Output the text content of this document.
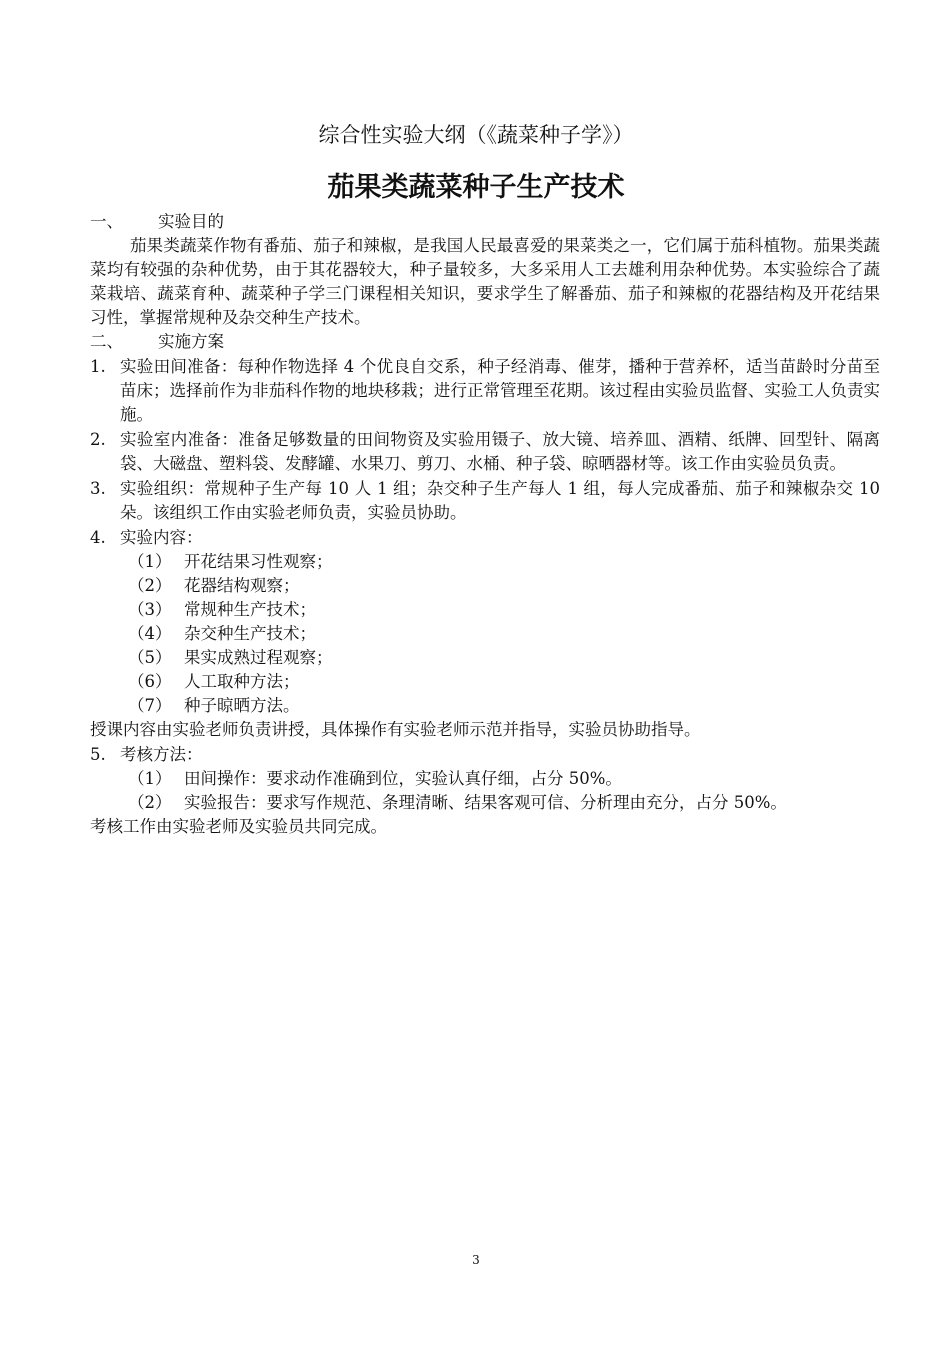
综合性实验大纲（《蔬菜种子学》）
茄果类蔬菜种子生产技术
一、	实验目的

茄果类蔬菜作物有番茄、茄子和辣椒，是我国人民最喜爱的果菜类之一，它们属于茄科植物。茄果类蔬菜均有较强的杂种优势，由于其花器较大，种子量较多，大多采用人工去雄利用杂种优势。本实验综合了蔬菜栽培、蔬菜育种、蔬菜种子学三门课程相关知识，要求学生了解番茄、茄子和辣椒的花器结构及开花结果习性，掌握常规种及杂交种生产技术。

二、	实施方案
1. 实验田间准备：每种作物选择 4 个优良自交系，种子经消毒、催芽，播种于营养杯，适当苗龄时分苗至苗床；选择前作为非茄科作物的地块移栽；进行正常管理至花期。该过程由实验员监督、实验工人负责实施。
2. 实验室内准备：准备足够数量的田间物资及实验用镊子、放大镜、培养皿、酒精、纸牌、回型针、隔离袋、大磁盘、塑料袋、发酵罐、水果刀、剪刀、水桶、种子袋、晾晒器材等。该工作由实验员负责。
3. 实验组织：常规种子生产每 10 人 1 组；杂交种子生产每人 1 组，每人完成番茄、茄子和辣椒杂交 10 朵。该组织工作由实验老师负责，实验员协助。
4. 实验内容：
（1） 开花结果习性观察；
（2） 花器结构观察；
（3） 常规种生产技术；
（4） 杂交种生产技术；
（5） 果实成熟过程观察；
（6） 人工取种方法；
（7） 种子晾晒方法。

授课内容由实验老师负责讲授，具体操作有实验老师示范并指导，实验员协助指导。

5. 考核方法：
（1） 田间操作：要求动作准确到位，实验认真仔细，占分 50%。
（2） 实验报告：要求写作规范、条理清晰、结果客观可信、分析理由充分，占分 50%。

考核工作由实验老师及实验员共同完成。

3
